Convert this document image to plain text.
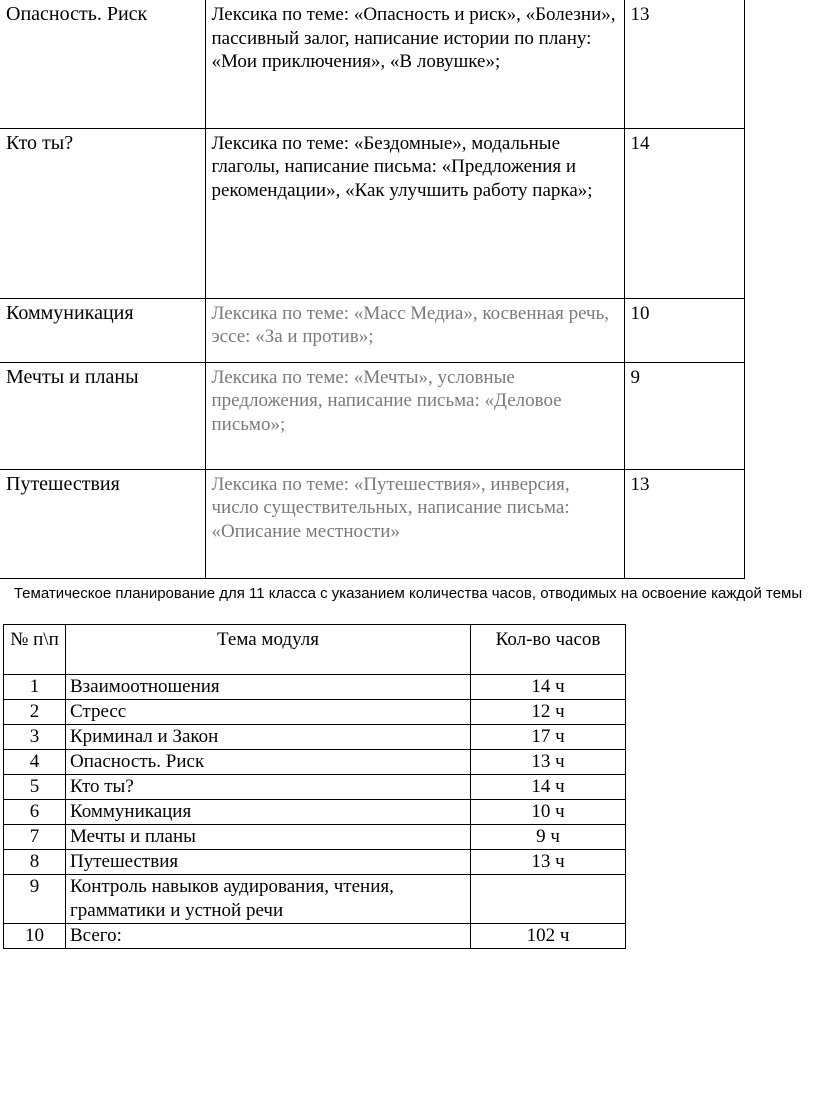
Опасность. Риск	Лексика по теме: «Опасность и риск», «Болезни», пассивный залог, написание истории по плану: «Мои приключения», «В ловушке»;	13
Кто ты?	Лексика по теме: «Бездомные», модальные глаголы, написание письма: «Предложения и рекомендации», «Как улучшить работу парка»;	14
Коммуникация	Лексика по теме: «Масс Медиа», косвенная речь, эссе: «За и против»;	10
Мечты и планы	Лексика по теме: «Мечты», условные предложения, написание письма: «Деловое письмо»;	9
Путешествия	Лексика по теме: «Путешествия», инверсия, число существительных, написание письма: «Описание местности»	13

Тематическое планирование для 11 класса с указанием количества часов, отводимых на освоение каждой темы

№ п\п	Тема модуля	Кол-во часов
1	Взаимоотношения	14 ч
2	Стресс	12 ч
3	Криминал и Закон	17 ч
4	Опасность. Риск	13 ч
5	Кто ты?	14 ч
6	Коммуникация	10 ч
7	Мечты и планы	9 ч
8	Путешествия	13 ч
9	Контроль навыков аудирования, чтения, грамматики и устной речи	
10	Всего:	102 ч
